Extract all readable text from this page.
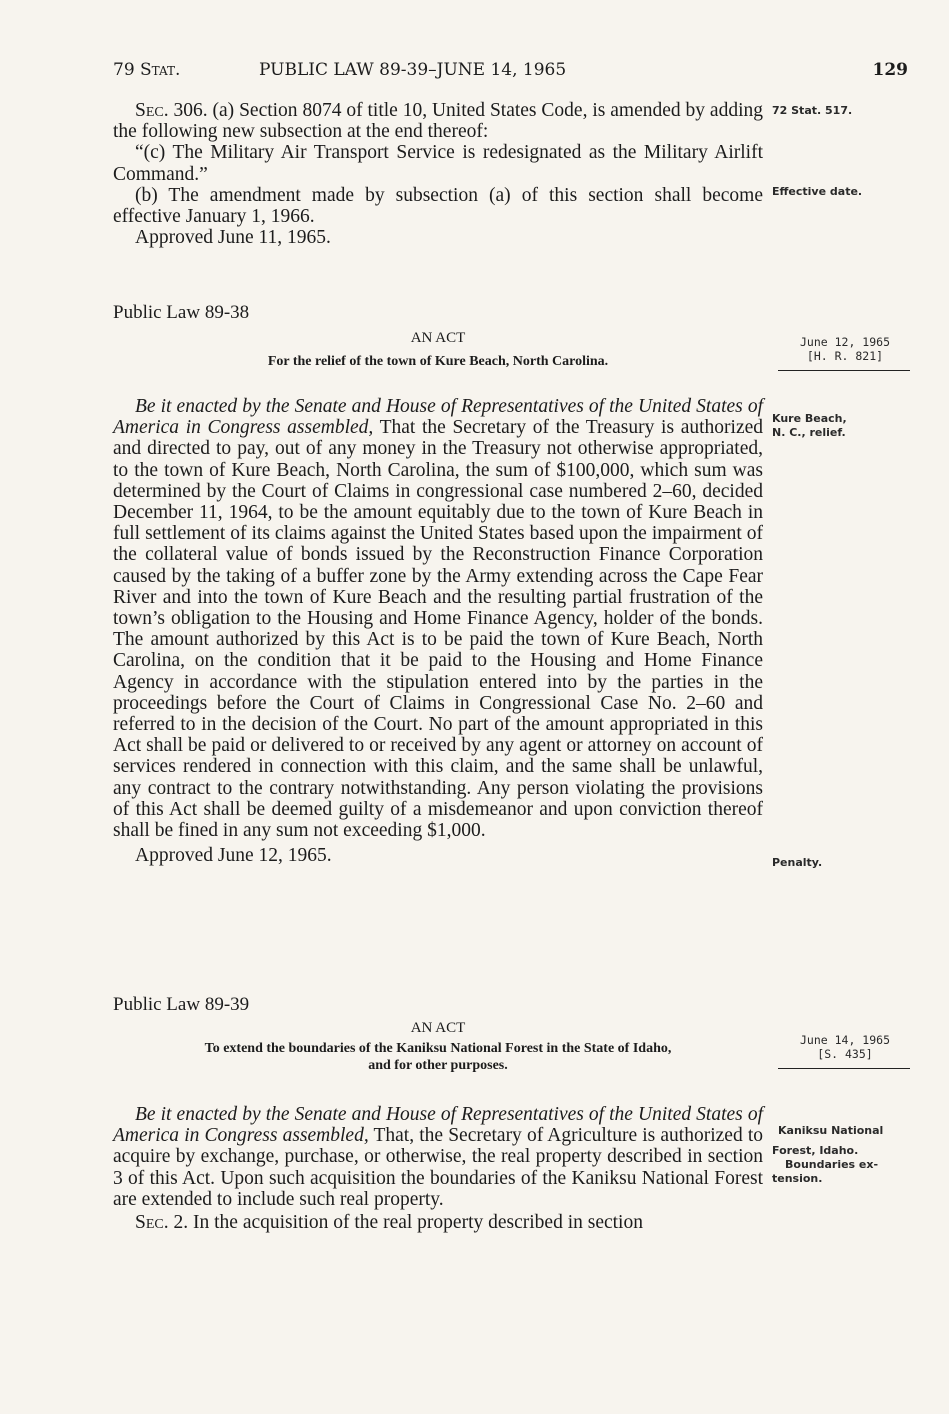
79 Stat.	PUBLIC LAW 89-39–JUNE 14, 1965	129

Sec. 306. (a) Section 8074 of title 10, United States Code, is amended by adding the following new subsection at the end thereof:

“(c) The Military Air Transport Service is redesignated as the Military Airlift Command.”

(b) The amendment made by subsection (a) of this section shall become effective January 1, 1966.

Approved June 11, 1965.

72 Stat. 517.
Effective date.
Public Law 89-38
AN ACT
For the relief of the town of Kure Beach, North Carolina.
June 12, 1965
[H. R. 821]

Be it enacted by the Senate and House of Representatives of the United States of America in Congress assembled, That the Secretary of the Treasury is authorized and directed to pay, out of any money in the Treasury not otherwise appropriated, to the town of Kure Beach, North Carolina, the sum of $100,000, which sum was determined by the Court of Claims in congressional case numbered 2–60, decided December 11, 1964, to be the amount equitably due to the town of Kure Beach in full settlement of its claims against the United States based upon the impairment of the collateral value of bonds issued by the Reconstruction Finance Corporation caused by the taking of a buffer zone by the Army extending across the Cape Fear River and into the town of Kure Beach and the resulting partial frustration of the town’s obligation to the Housing and Home Finance Agency, holder of the bonds. The amount authorized by this Act is to be paid the town of Kure Beach, North Carolina, on the condition that it be paid to the Housing and Home Finance Agency in accordance with the stipulation entered into by the parties in the proceedings before the Court of Claims in Congressional Case No. 2–60 and referred to in the decision of the Court. No part of the amount appropriated in this Act shall be paid or delivered to or received by any agent or attorney on account of services rendered in connection with this claim, and the same shall be unlawful, any contract to the contrary notwithstanding. Any person violating the provisions of this Act shall be deemed guilty of a misdemeanor and upon conviction thereof shall be fined in any sum not exceeding $1,000.

Approved June 12, 1965.

Kure Beach,
N. C., relief.
Penalty.
Public Law 89-39
AN ACT
To extend the boundaries of the Kaniksu National Forest in the State of Idaho,
and for other purposes.
June 14, 1965
[S. 435]

Be it enacted by the Senate and House of Representatives of the United States of America in Congress assembled, That, the Secretary of Agriculture is authorized to acquire by exchange, purchase, or otherwise, the real property described in section 3 of this Act. Upon such acquisition the boundaries of the Kaniksu National Forest are extended to include such real property.

Sec. 2. In the acquisition of the real property described in section

Kaniksu National
Forest, Idaho.
Boundaries ex-
tension.
